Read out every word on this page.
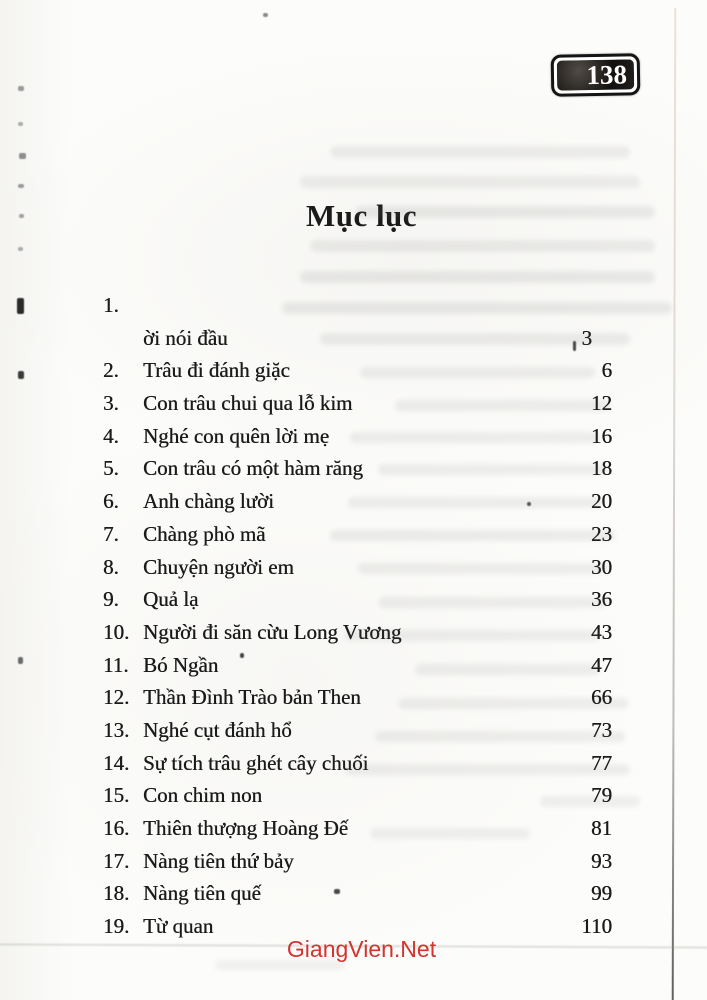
138
Mục lục
1.
ời nói đầu	3
2.	Trâu đi đánh giặc	6
3.	Con trâu chui qua lỗ kim	12
4.	Nghé con quên lời mẹ	16
5.	Con trâu có một hàm răng	18
6.	Anh chàng lười	20
7.	Chàng phò mã	23
8.	Chuyện người em	30
9.	Quả lạ	36
10. Người đi săn cừu Long Vương	43
11. Bó Ngần	47
12. Thần Đình Trào bản Then	66
13. Nghé cụt đánh hổ	73
14. Sự tích trâu ghét cây chuối	77
15. Con chim non	79
16. Thiên thượng Hoàng Đế	81
17. Nàng tiên thứ bảy	93
18. Nàng tiên quế	99
19. Từ quan	110
GiangVien.Net
